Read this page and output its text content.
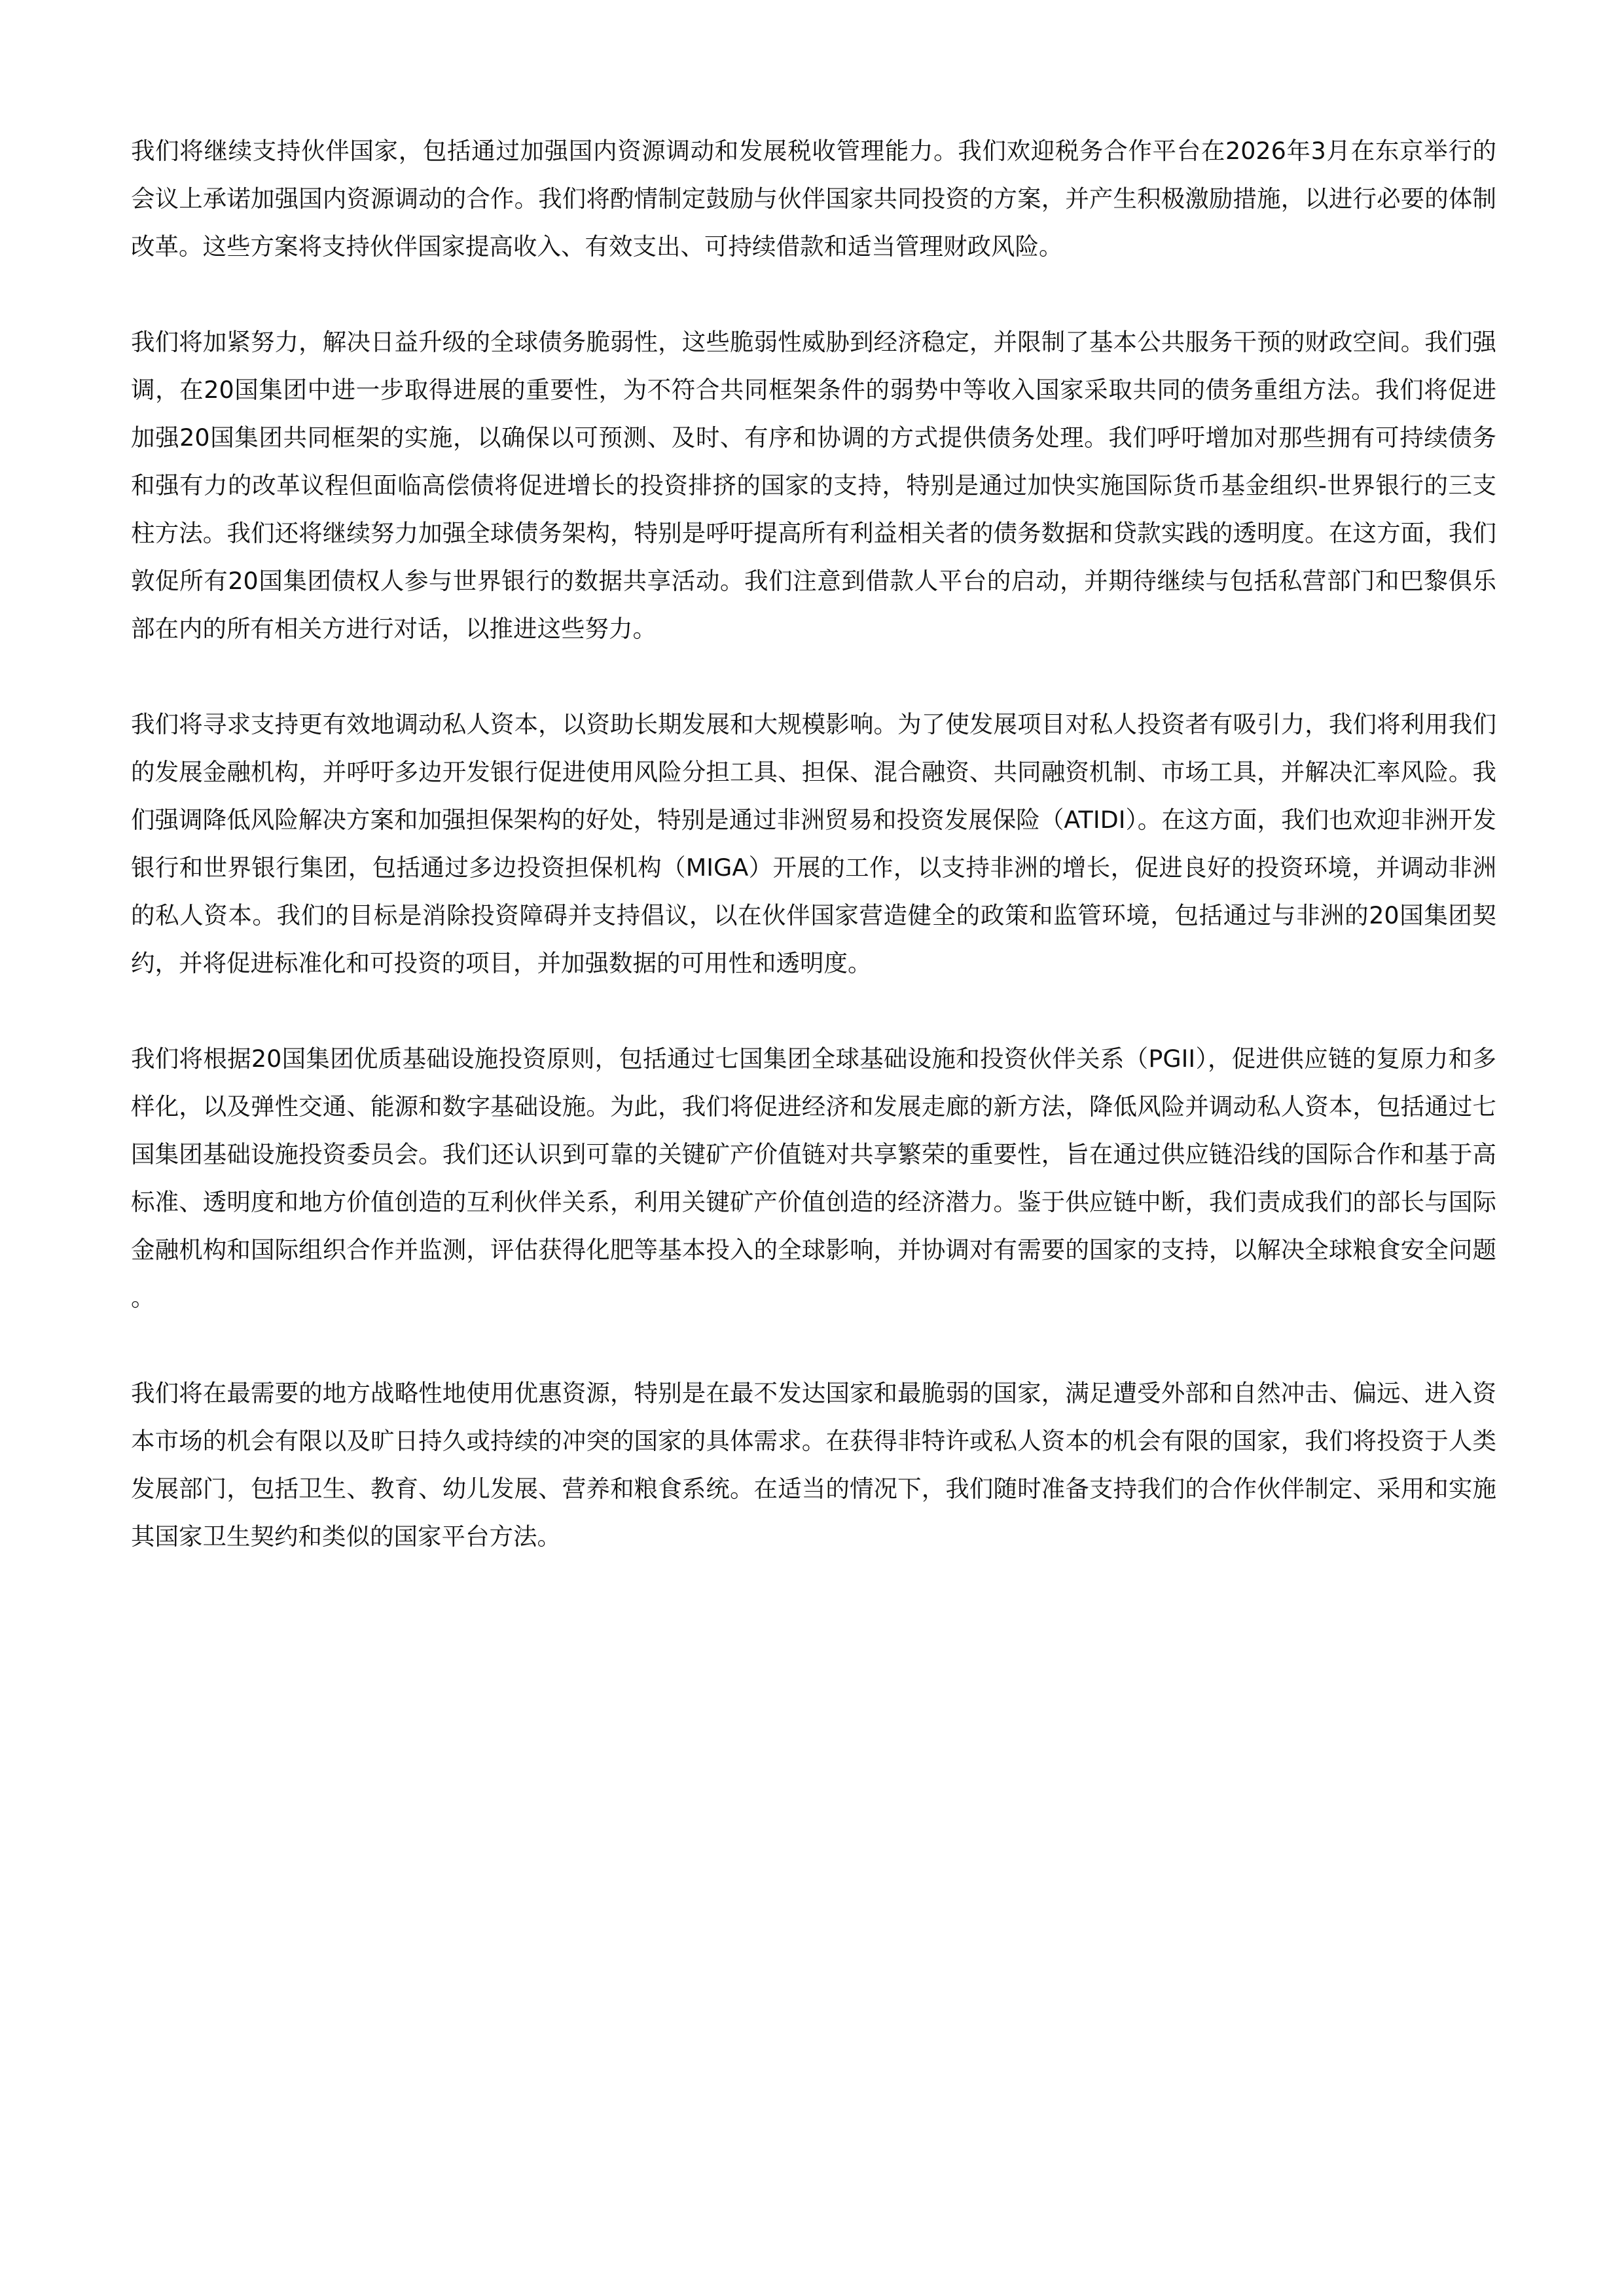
我们将继续支持伙伴国家，包括通过加强国内资源调动和发展税收管理能力。我们欢迎税务合作平台在2026年3月在东京举行的会议上承诺加强国内资源调动的合作。我们将酌情制定鼓励与伙伴国家共同投资的方案，并产生积极激励措施，以进行必要的体制改革。这些方案将支持伙伴国家提高收入、有效支出、可持续借款和适当管理财政风险。

我们将加紧努力，解决日益升级的全球债务脆弱性，这些脆弱性威胁到经济稳定，并限制了基本公共服务干预的财政空间。我们强调，在20国集团中进一步取得进展的重要性，为不符合共同框架条件的弱势中等收入国家采取共同的债务重组方法。我们将促进加强20国集团共同框架的实施，以确保以可预测、及时、有序和协调的方式提供债务处理。我们呼吁增加对那些拥有可持续债务和强有力的改革议程但面临高偿债将促进增长的投资排挤的国家的支持，特别是通过加快实施国际货币基金组织-世界银行的三支柱方法。我们还将继续努力加强全球债务架构，特别是呼吁提高所有利益相关者的债务数据和贷款实践的透明度。在这方面，我们敦促所有20国集团债权人参与世界银行的数据共享活动。我们注意到借款人平台的启动，并期待继续与包括私营部门和巴黎俱乐部在内的所有相关方进行对话，以推进这些努力。

我们将寻求支持更有效地调动私人资本，以资助长期发展和大规模影响。为了使发展项目对私人投资者有吸引力，我们将利用我们的发展金融机构，并呼吁多边开发银行促进使用风险分担工具、担保、混合融资、共同融资机制、市场工具，并解决汇率风险。我们强调降低风险解决方案和加强担保架构的好处，特别是通过非洲贸易和投资发展保险（ATIDI）。在这方面，我们也欢迎非洲开发银行和世界银行集团，包括通过多边投资担保机构（MIGA）开展的工作，以支持非洲的增长，促进良好的投资环境，并调动非洲的私人资本。我们的目标是消除投资障碍并支持倡议，以在伙伴国家营造健全的政策和监管环境，包括通过与非洲的20国集团契约，并将促进标准化和可投资的项目，并加强数据的可用性和透明度。

我们将根据20国集团优质基础设施投资原则，包括通过七国集团全球基础设施和投资伙伴关系（PGII），促进供应链的复原力和多样化，以及弹性交通、能源和数字基础设施。为此，我们将促进经济和发展走廊的新方法，降低风险并调动私人资本，包括通过七国集团基础设施投资委员会。我们还认识到可靠的关键矿产价值链对共享繁荣的重要性，旨在通过供应链沿线的国际合作和基于高标准、透明度和地方价值创造的互利伙伴关系，利用关键矿产价值创造的经济潜力。鉴于供应链中断，我们责成我们的部长与国际金融机构和国际组织合作并监测，评估获得化肥等基本投入的全球影响，并协调对有需要的国家的支持，以解决全球粮食安全问题。

我们将在最需要的地方战略性地使用优惠资源，特别是在最不发达国家和最脆弱的国家，满足遭受外部和自然冲击、偏远、进入资本市场的机会有限以及旷日持久或持续的冲突的国家的具体需求。在获得非特许或私人资本的机会有限的国家，我们将投资于人类发展部门，包括卫生、教育、幼儿发展、营养和粮食系统。在适当的情况下，我们随时准备支持我们的合作伙伴制定、采用和实施其国家卫生契约和类似的国家平台方法。
